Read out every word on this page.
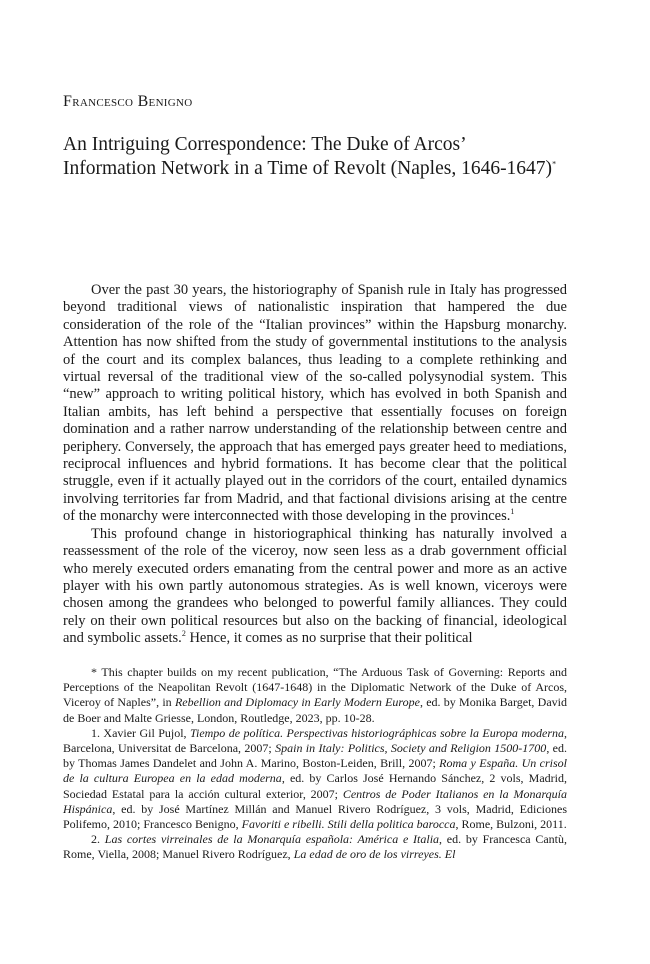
Francesco Benigno
An Intriguing Correspondence: The Duke of Arcos’
Information Network in a Time of Revolt (Naples, 1646-1647)*

Over the past 30 years, the historiography of Spanish rule in Italy has progressed beyond traditional views of nationalistic inspiration that hampered the due consideration of the role of the “Italian provinces” within the Hapsburg monarchy. Attention has now shifted from the study of governmental institutions to the analysis of the court and its complex balances, thus leading to a complete rethinking and virtual reversal of the traditional view of the so-called polysynodial system. This “new” approach to writing political history, which has evolved in both Spanish and Italian ambits, has left behind a perspective that essentially focuses on foreign domination and a rather narrow understanding of the relationship between centre and periphery. Conversely, the approach that has emerged pays greater heed to mediations, reciprocal influences and hybrid formations. It has become clear that the political struggle, even if it actually played out in the corridors of the court, entailed dynamics involving territories far from Madrid, and that factional divisions arising at the centre of the monarchy were interconnected with those developing in the provinces.$^1$

This profound change in historiographical thinking has naturally involved a reassessment of the role of the viceroy, now seen less as a drab government official who merely executed orders emanating from the central power and more as an active player with his own partly autonomous strategies. As is well known, viceroys were chosen among the grandees who belonged to powerful family alliances. They could rely on their own political resources but also on the backing of financial, ideological and symbolic assets.$^2$ Hence, it comes as no surprise that their political

* This chapter builds on my recent publication, “The Arduous Task of Governing: Reports and Perceptions of the Neapolitan Revolt (1647-1648) in the Diplomatic Network of the Duke of Arcos, Viceroy of Naples”, in Rebellion and Diplomacy in Early Modern Europe, ed. by Monika Barget, David de Boer and Malte Griesse, London, Routledge, 2023, pp. 10-28.

1. Xavier Gil Pujol, Tiempo de política. Perspectivas historiográphicas sobre la Europa moderna, Barcelona, Universitat de Barcelona, 2007; Spain in Italy: Politics, Society and Religion 1500-1700, ed. by Thomas James Dandelet and John A. Marino, Boston-Leiden, Brill, 2007; Roma y España. Un crisol de la cultura Europea en la edad moderna, ed. by Carlos José Hernando Sánchez, 2 vols, Madrid, Sociedad Estatal para la acción cultural exterior, 2007; Centros de Poder Italianos en la Monarquía Hispánica, ed. by José Martínez Millán and Manuel Rivero Rodríguez, 3 vols, Madrid, Ediciones Polifemo, 2010; Francesco Benigno, Favoriti e ribelli. Stili della politica barocca, Rome, Bulzoni, 2011.

2. Las cortes virreinales de la Monarquía española: América e Italia, ed. by Francesca Cantù, Rome, Viella, 2008; Manuel Rivero Rodríguez, La edad de oro de los virreyes. El
